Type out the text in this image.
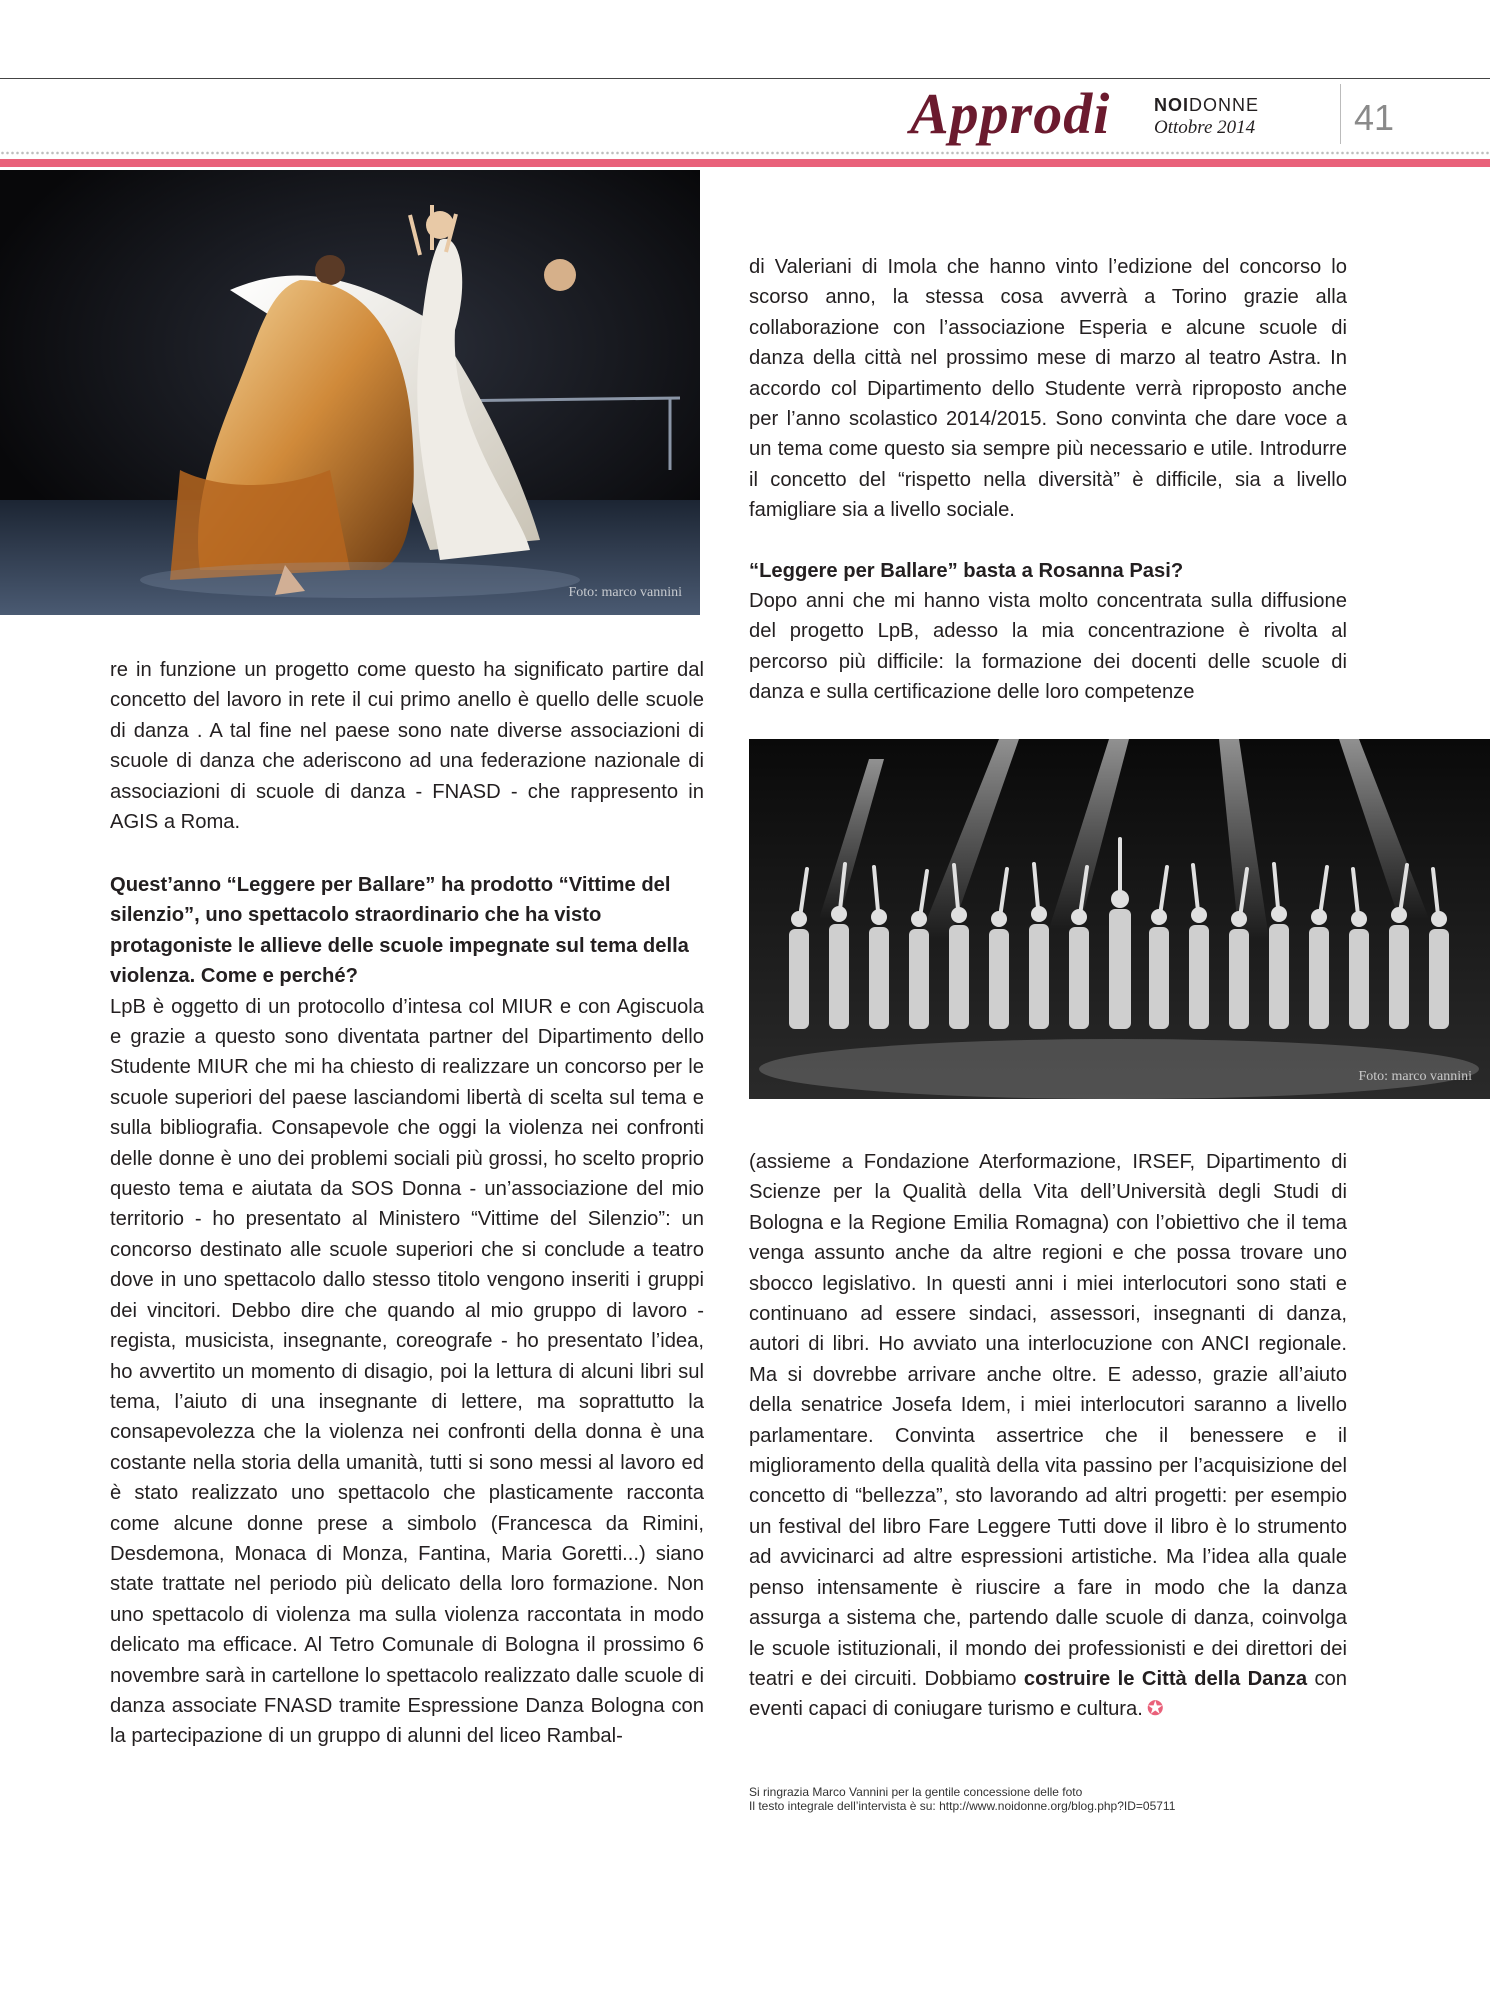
Approdi NOIDONNE
Ottobre 2014	41
Foto: marco vannini

re in funzione un progetto come questo ha significato partire dal concetto del lavoro in rete il cui primo anello è quello delle scuole di danza . A tal fine nel paese sono nate diverse associazioni di scuole di danza che aderiscono ad una federazione nazionale di associazioni di scuole di danza - FNASD - che rappresento in AGIS a Roma.

Quest’anno “Leggere per Ballare” ha prodotto “Vittime del silenzio”, uno spettacolo straordinario che ha visto protagoniste le allieve delle scuole impegnate sul tema della violenza. Come e perché?

LpB è oggetto di un protocollo d’intesa col MIUR e con Agiscuola e grazie a questo sono diventata partner del Dipartimento dello Studente MIUR che mi ha chiesto di realizzare un concorso per le scuole superiori del paese lasciandomi libertà di scelta sul tema e sulla bibliografia. Consapevole che oggi la violenza nei confronti delle donne è uno dei problemi sociali più grossi, ho scelto proprio questo tema e aiutata da SOS Donna - un’associazione del mio territorio - ho presentato al Ministero “Vittime del Silenzio”: un concorso destinato alle scuole superiori che si conclude a teatro dove in uno spettacolo dallo stesso titolo vengono inseriti i gruppi dei vincitori. Debbo dire che quando al mio gruppo di lavoro - regista, musicista, insegnante, coreografe - ho presentato l’idea, ho avvertito un momento di disagio, poi la lettura di alcuni libri sul tema, l’aiuto di una insegnante di lettere, ma soprattutto la consapevolezza che la violenza nei confronti della donna è una costante nella storia della umanità, tutti si sono messi al lavoro ed è stato realizzato uno spettacolo che plasticamente racconta come alcune donne prese a simbolo (Francesca da Rimini, Desdemona, Monaca di Monza, Fantina, Maria Goretti...) siano state trattate nel periodo più delicato della loro formazione. Non uno spettacolo di violenza ma sulla violenza raccontata in modo delicato ma efficace. Al Tetro Comunale di Bologna il prossimo 6 novembre sarà in cartellone lo spettacolo realizzato dalle scuole di danza associate FNASD tramite Espressione Danza Bologna con la partecipazione di un gruppo di alunni del liceo Rambal-

di Valeriani di Imola che hanno vinto l’edizione del concorso lo scorso anno, la stessa cosa avverrà a Torino grazie alla collaborazione con l’associazione Esperia e alcune scuole di danza della città nel prossimo mese di marzo al teatro Astra. In accordo col Dipartimento dello Studente verrà riproposto anche per l’anno scolastico 2014/2015. Sono convinta che dare voce a un tema come questo sia sempre più necessario e utile. Introdurre il concetto del “rispetto nella diversità” è difficile, sia a livello famigliare sia a livello sociale.

“Leggere per Ballare” basta a Rosanna Pasi?

Dopo anni che mi hanno vista molto concentrata sulla diffusione del progetto LpB, adesso la mia concentrazione è rivolta al percorso più difficile: la formazione dei docenti delle scuole di danza e sulla certificazione delle loro competenze

Foto: marco vannini

(assieme a Fondazione Aterformazione, IRSEF, Dipartimento di Scienze per la Qualità della Vita dell’Università degli Studi di Bologna e la Regione Emilia Romagna) con l’obiettivo che il tema venga assunto anche da altre regioni e che possa trovare uno sbocco legislativo. In questi anni i miei interlocutori sono stati e continuano ad essere sindaci, assessori, insegnanti di danza, autori di libri. Ho avviato una interlocuzione con ANCI regionale. Ma si dovrebbe arrivare anche oltre. E adesso, grazie all’aiuto della senatrice Josefa Idem, i miei interlocutori saranno a livello parlamentare. Convinta assertrice che il benessere e il miglioramento della qualità della vita passino per l’acquisizione del concetto di “bellezza”, sto lavorando ad altri progetti: per esempio un festival del libro Fare Leggere Tutti dove il libro è lo strumento ad avvicinarci ad altre espressioni artistiche. Ma l’idea alla quale penso intensamente è riuscire a fare in modo che la danza assurga a sistema che, partendo dalle scuole di danza, coinvolga le scuole istituzionali, il mondo dei professionisti e dei direttori dei teatri e dei circuiti. Dobbiamo costruire le Città della Danza con eventi capaci di coniugare turismo e cultura. ✪

Si ringrazia Marco Vannini per la gentile concessione delle foto
Il testo integrale dell’intervista è su: http://www.noidonne.org/blog.php?ID=05711
